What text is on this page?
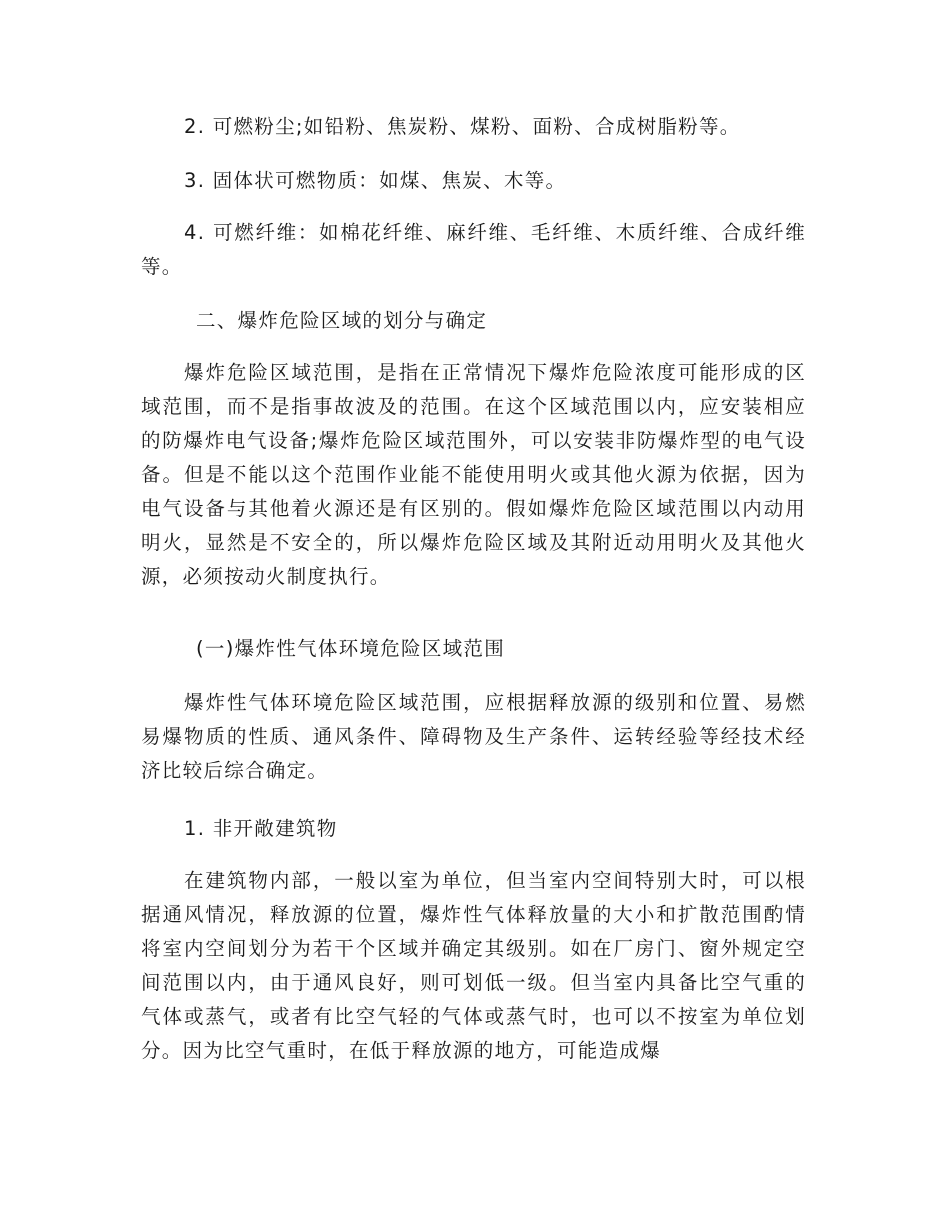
2. 可燃粉尘;如铅粉、焦炭粉、煤粉、面粉、合成树脂粉等。

3. 固体状可燃物质：如煤、焦炭、木等。

4. 可燃纤维：如棉花纤维、麻纤维、毛纤维、木质纤维、合成纤维等。

二、爆炸危险区域的划分与确定

爆炸危险区域范围，是指在正常情况下爆炸危险浓度可能形成的区域范围，而不是指事故波及的范围。在这个区域范围以内，应安装相应的防爆炸电气设备;爆炸危险区域范围外，可以安装非防爆炸型的电气设备。但是不能以这个范围作业能不能使用明火或其他火源为依据，因为电气设备与其他着火源还是有区别的。假如爆炸危险区域范围以内动用明火，显然是不安全的，所以爆炸危险区域及其附近动用明火及其他火源，必须按动火制度执行。

(一)爆炸性气体环境危险区域范围

爆炸性气体环境危险区域范围，应根据释放源的级别和位置、易燃易爆物质的性质、通风条件、障碍物及生产条件、运转经验等经技术经济比较后综合确定。

1. 非开敞建筑物

在建筑物内部，一般以室为单位，但当室内空间特别大时，可以根据通风情况，释放源的位置，爆炸性气体释放量的大小和扩散范围酌情将室内空间划分为若干个区域并确定其级别。如在厂房门、窗外规定空间范围以内，由于通风良好，则可划低一级。但当室内具备比空气重的气体或蒸气，或者有比空气轻的气体或蒸气时，也可以不按室为单位划分。因为比空气重时，在低于释放源的地方，可能造成爆
